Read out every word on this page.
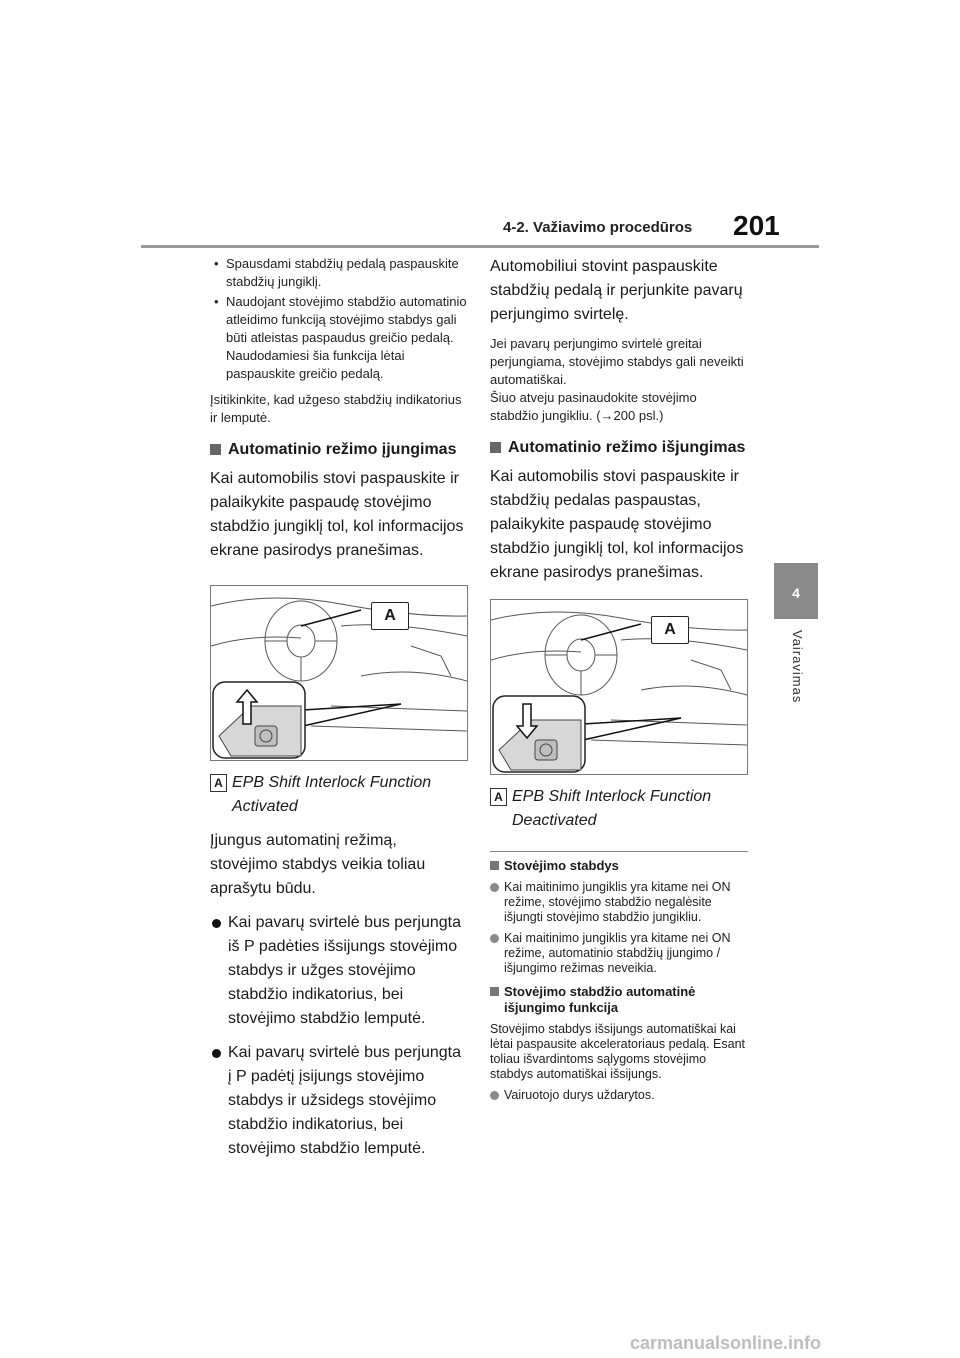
4-2. Važiavimo procedūros 201
4
Vairavimas
• Spausdami stabdžių pedalą paspauskite stabdžių jungiklį.
• Naudojant stovėjimo stabdžio automatinio atleidimo funkciją stovėjimo stabdys gali būti atleistas paspaudus greičio pedalą. Naudodamiesi šia funkcija lėtai paspauskite greičio pedalą.
Įsitikinkite, kad užgeso stabdžių indikatorius ir lemputė.
Automatinio režimo įjungimas
Kai automobilis stovi paspauskite ir palaikykite paspaudę stovėjimo stabdžio jungiklį tol, kol informacijos ekrane pasirodys pranešimas.
A
A EPB Shift Interlock Function Activated
Įjungus automatinį režimą, stovėjimo stabdys veikia toliau aprašytu būdu.
Kai pavarų svirtelė bus perjungta iš P padėties išsijungs stovėjimo stabdys ir užges stovėjimo stabdžio indikatorius, bei stovėjimo stabdžio lemputė.
Kai pavarų svirtelė bus perjungta į P padėtį įsijungs stovėjimo stabdys ir užsidegs stovėjimo stabdžio indikatorius, bei stovėjimo stabdžio lemputė.
Automobiliui stovint paspauskite stabdžių pedalą ir perjunkite pavarų perjungimo svirtelę.
Jei pavarų perjungimo svirtelė greitai perjungiama, stovėjimo stabdys gali neveikti automatiškai.
Šiuo atveju pasinaudokite stovėjimo stabdžio jungikliu. (→200 psl.)
Automatinio režimo išjungimas
Kai automobilis stovi paspauskite ir stabdžių pedalas paspaustas, palaikykite paspaudę stovėjimo stabdžio jungiklį tol, kol informacijos ekrane pasirodys pranešimas.
A
A EPB Shift Interlock Function Deactivated
Stovėjimo stabdys
Kai maitinimo jungiklis yra kitame nei ON režime, stovėjimo stabdžio negalėsite išjungti stovėjimo stabdžio jungikliu.
Kai maitinimo jungiklis yra kitame nei ON režime, automatinio stabdžių įjungimo / išjungimo režimas neveikia.
Stovėjimo stabdžio automatinė išjungimo funkcija
Stovėjimo stabdys išsijungs automatiškai kai lėtai paspausite akceleratoriaus pedalą. Esant toliau išvardintoms sąlygoms stovėjimo stabdys automatiškai išsijungs.
Vairuotojo durys uždarytos.
carmanualsonline.info
